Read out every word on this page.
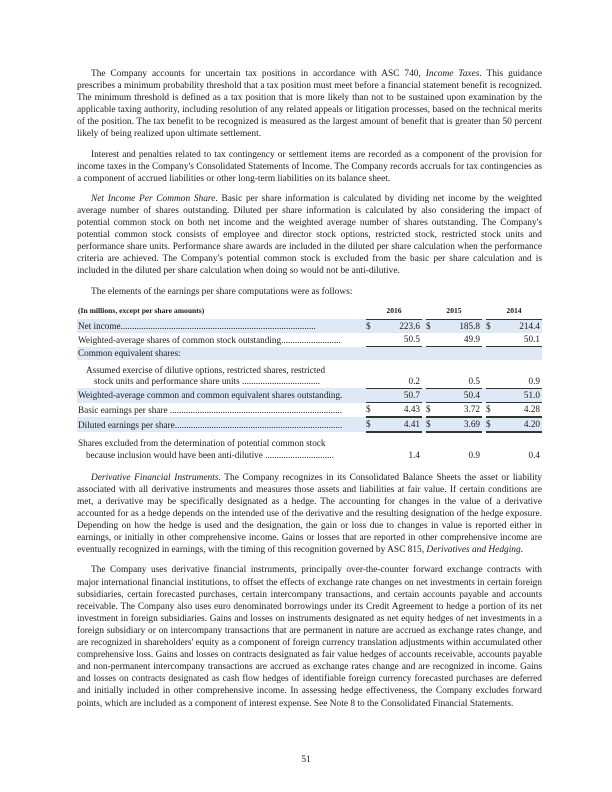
The Company accounts for uncertain tax positions in accordance with ASC 740, Income Taxes. This guidance prescribes a minimum probability threshold that a tax position must meet before a financial statement benefit is recognized. The minimum threshold is defined as a tax position that is more likely than not to be sustained upon examination by the applicable taxing authority, including resolution of any related appeals or litigation processes, based on the technical merits of the position. The tax benefit to be recognized is measured as the largest amount of benefit that is greater than 50 percent likely of being realized upon ultimate settlement.

Interest and penalties related to tax contingency or settlement items are recorded as a component of the provision for income taxes in the Company's Consolidated Statements of Income. The Company records accruals for tax contingencies as a component of accrued liabilities or other long-term liabilities on its balance sheet.

Net Income Per Common Share. Basic per share information is calculated by dividing net income by the weighted average number of shares outstanding. Diluted per share information is calculated by also considering the impact of potential common stock on both net income and the weighted average number of shares outstanding. The Company's potential common stock consists of employee and director stock options, restricted stock, restricted stock units and performance share units. Performance share awards are included in the diluted per share calculation when the performance criteria are achieved. The Company's potential common stock is excluded from the basic per share calculation and is included in the diluted per share calculation when doing so would not be anti-dilutive.

The elements of the earnings per share computations were as follows:

(In millions, except per share amounts)		2016			2015			2014	
Net income.....................................................................................		$	223.6		$	185.8		$	214.4
Weighted-average shares of common stock outstanding..........................			50.5			49.9			50.1
Common equivalent shares:									

Assumed exercise of dilutive options, restricted shares, restricted
stock units and performance share units ..................................			0.2			0.5			0.9
Weighted-average common and common equivalent shares outstanding.			50.7			50.4			51.0
Basic earnings per share ...........................................................................		$	4.43		$	3.72		$	4.28
Diluted earnings per share.........................................................................		$	4.41		$	3.69		$	4.20

Shares excluded from the determination of potential common stock
because inclusion would have been anti-dilutive ..............................			1.4			0.9			0.4

Derivative Financial Instruments. The Company recognizes in its Consolidated Balance Sheets the asset or liability associated with all derivative instruments and measures those assets and liabilities at fair value. If certain conditions are met, a derivative may be specifically designated as a hedge. The accounting for changes in the value of a derivative accounted for as a hedge depends on the intended use of the derivative and the resulting designation of the hedge exposure. Depending on how the hedge is used and the designation, the gain or loss due to changes in value is reported either in earnings, or initially in other comprehensive income. Gains or losses that are reported in other comprehensive income are eventually recognized in earnings, with the timing of this recognition governed by ASC 815, Derivatives and Hedging.

The Company uses derivative financial instruments, principally over-the-counter forward exchange contracts with major international financial institutions, to offset the effects of exchange rate changes on net investments in certain foreign subsidiaries, certain forecasted purchases, certain intercompany transactions, and certain accounts payable and accounts receivable. The Company also uses euro denominated borrowings under its Credit Agreement to hedge a portion of its net investment in foreign subsidiaries. Gains and losses on instruments designated as net equity hedges of net investments in a foreign subsidiary or on intercompany transactions that are permanent in nature are accrued as exchange rates change, and are recognized in shareholders' equity as a component of foreign currency translation adjustments within accumulated other comprehensive loss. Gains and losses on contracts designated as fair value hedges of accounts receivable, accounts payable and non-permanent intercompany transactions are accrued as exchange rates change and are recognized in income. Gains and losses on contracts designated as cash flow hedges of identifiable foreign currency forecasted purchases are deferred and initially included in other comprehensive income. In assessing hedge effectiveness, the Company excludes forward points, which are included as a component of interest expense. See Note 8 to the Consolidated Financial Statements.

51
